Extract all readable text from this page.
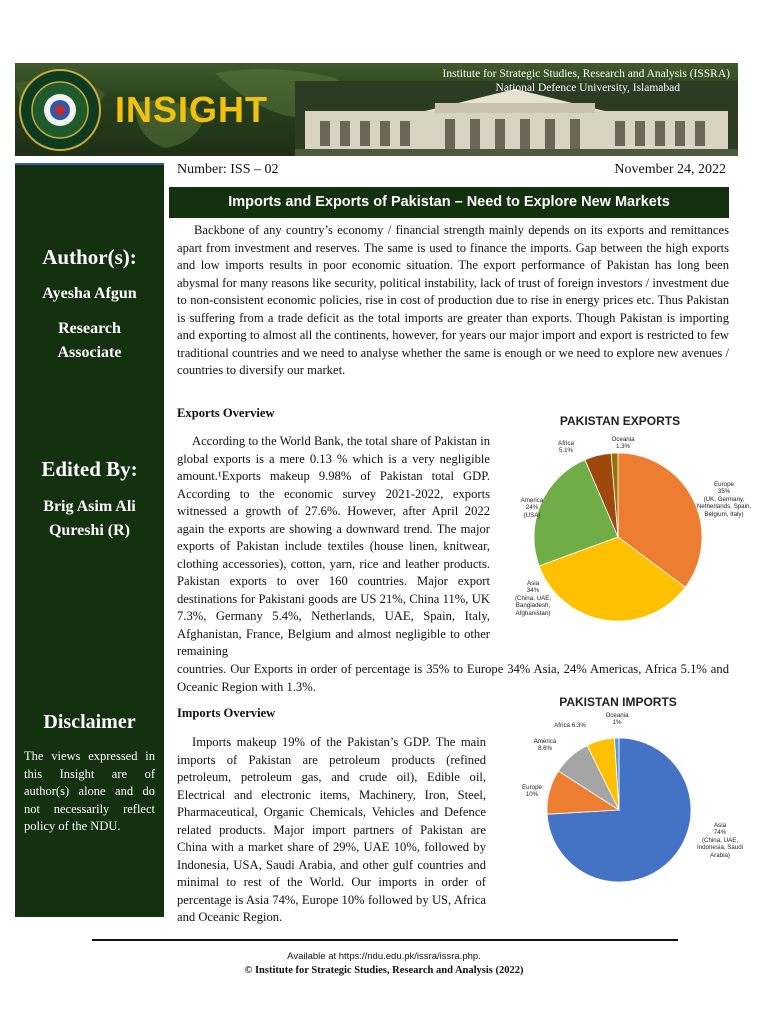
INSIGHT
Institute for Strategic Studies, Research and Analysis (ISSRA)
National Defence University, Islamabad
Author(s):
Ayesha Afgun
Research Associate
Edited By:
Brig Asim Ali Qureshi (R)
Disclaimer
The views expressed in this Insight are of author(s) alone and do not necessarily reflect policy of the NDU.
Number: ISS – 02	November 24, 2022
Imports and Exports of Pakistan – Need to Explore New Markets
Backbone of any country’s economy / financial strength mainly depends on its exports and remittances apart from investment and reserves. The same is used to finance the imports. Gap between the high exports and low imports results in poor economic situation. The export performance of Pakistan has long been abysmal for many reasons like security, political instability, lack of trust of foreign investors / investment due to non-consistent economic policies, rise in cost of production due to rise in energy prices etc. Thus Pakistan is suffering from a trade deficit as the total imports are greater than exports. Though Pakistan is importing and exporting to almost all the continents, however, for years our major import and export is restricted to few traditional countries and we need to analyse whether the same is enough or we need to explore new avenues / countries to diversify our market.
Exports Overview
According to the World Bank, the total share of Pakistan in global exports is a mere 0.13 % which is a very negligible amount.¹Exports makeup 9.98% of Pakistan total GDP. According to the economic survey 2021-2022, exports witnessed a growth of 27.6%. However, after April 2022 again the exports are showing a downward trend. The major exports of Pakistan include textiles (house linen, knitwear, clothing accessories), cotton, yarn, rice and leather products. Pakistan exports to over 160 countries. Major export destinations for Pakistani goods are US 21%, China 11%, UK 7.3%, Germany 5.4%, Netherlands, UAE, Spain, Italy, Afghanistan, France, Belgium and almost negligible to other remaining
countries. Our Exports in order of percentage is 35% to Europe 34% Asia, 24% Americas, Africa 5.1% and Oceanic Region with 1.3%.
Imports Overview
Imports makeup 19% of the Pakistan’s GDP. The main imports of Pakistan are petroleum products (refined petroleum, petroleum gas, and crude oil), Edible oil, Electrical and electronic items, Machinery, Iron, Steel, Pharmaceutical, Organic Chemicals, Vehicles and Defence related products. Major import partners of Pakistan are China with a market share of 29%, UAE 10%, followed by Indonesia, USA, Saudi Arabia, and other gulf countries and minimal to rest of the World. Our imports in order of percentage is Asia 74%, Europe 10% followed by US, Africa and Oceanic Region.
PAKISTAN EXPORTS
Oceania
1.3%
Africa
5.1%
Europe
35%
(UK, Germany, Netherlands, Spain, Belgium, Italy)
America
24%
(USA)
Asia
34%
(China, UAE, Bangladesh, Afghanistan)
PAKISTAN IMPORTS
Oceania
1%
Africa 6.3%
America
8.6%
Europe
10%
Asia
74%
(China, UAE, Indonesia, Saudi Arabia)
Available at https://ndu.edu.pk/issra/issra.php.
© Institute for Strategic Studies, Research and Analysis (2022)
